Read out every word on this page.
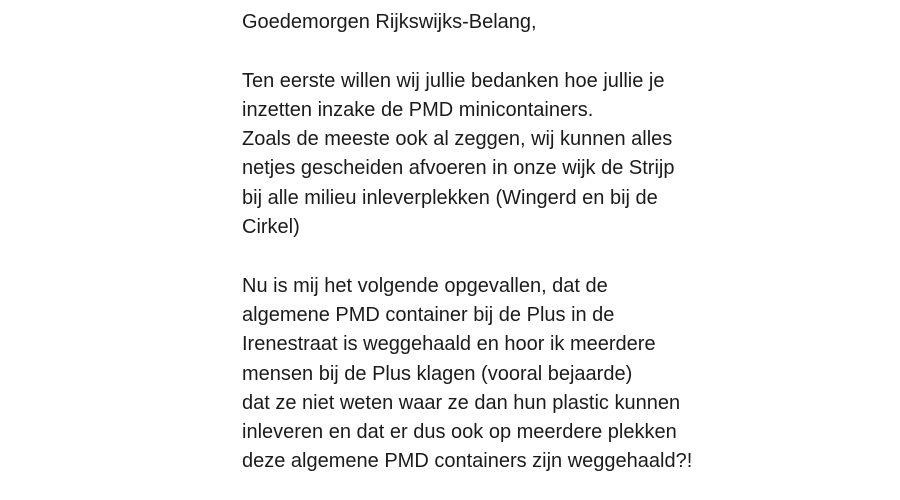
Goedemorgen Rijkswijks-Belang,
Ten eerste willen wij jullie bedanken hoe jullie je
inzetten inzake de PMD minicontainers.
Zoals de meeste ook al zeggen, wij kunnen alles
netjes gescheiden afvoeren in onze wijk de Strijp
bij alle milieu inleverplekken (Wingerd en bij de
Cirkel)
Nu is mij het volgende opgevallen, dat de
algemene PMD container bij de Plus in de
Irenestraat is weggehaald en hoor ik meerdere
mensen bij de Plus klagen (vooral bejaarde)
dat ze niet weten waar ze dan hun plastic kunnen
inleveren en dat er dus ook op meerdere plekken
deze algemene PMD containers zijn weggehaald?!
